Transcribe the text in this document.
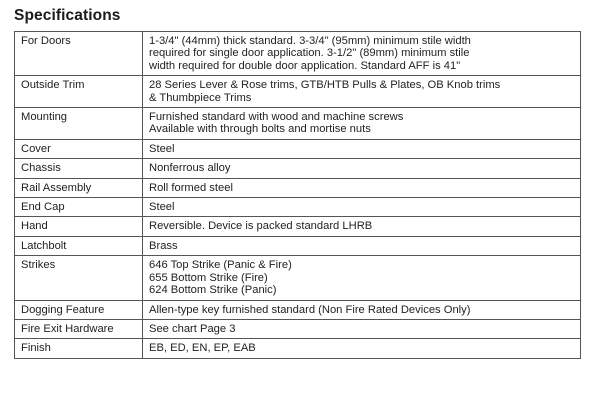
Specifications
For Doors	1-3/4" (44mm) thick standard. 3-3/4" (95mm) minimum stile width
required for single door application. 3-1/2" (89mm) minimum stile
width required for double door application. Standard AFF is 41"
Outside Trim	28 Series Lever & Rose trims, GTB/HTB Pulls & Plates, OB Knob trims
& Thumbpiece Trims
Mounting	Furnished standard with wood and machine screws
Available with through bolts and mortise nuts
Cover	Steel
Chassis	Nonferrous alloy
Rail Assembly	Roll formed steel
End Cap	Steel
Hand	Reversible. Device is packed standard LHRB
Latchbolt	Brass
Strikes	646 Top Strike (Panic & Fire)
655 Bottom Strike (Fire)
624 Bottom Strike (Panic)
Dogging Feature	Allen-type key furnished standard (Non Fire Rated Devices Only)
Fire Exit Hardware	See chart Page 3
Finish	EB, ED, EN, EP, EAB
